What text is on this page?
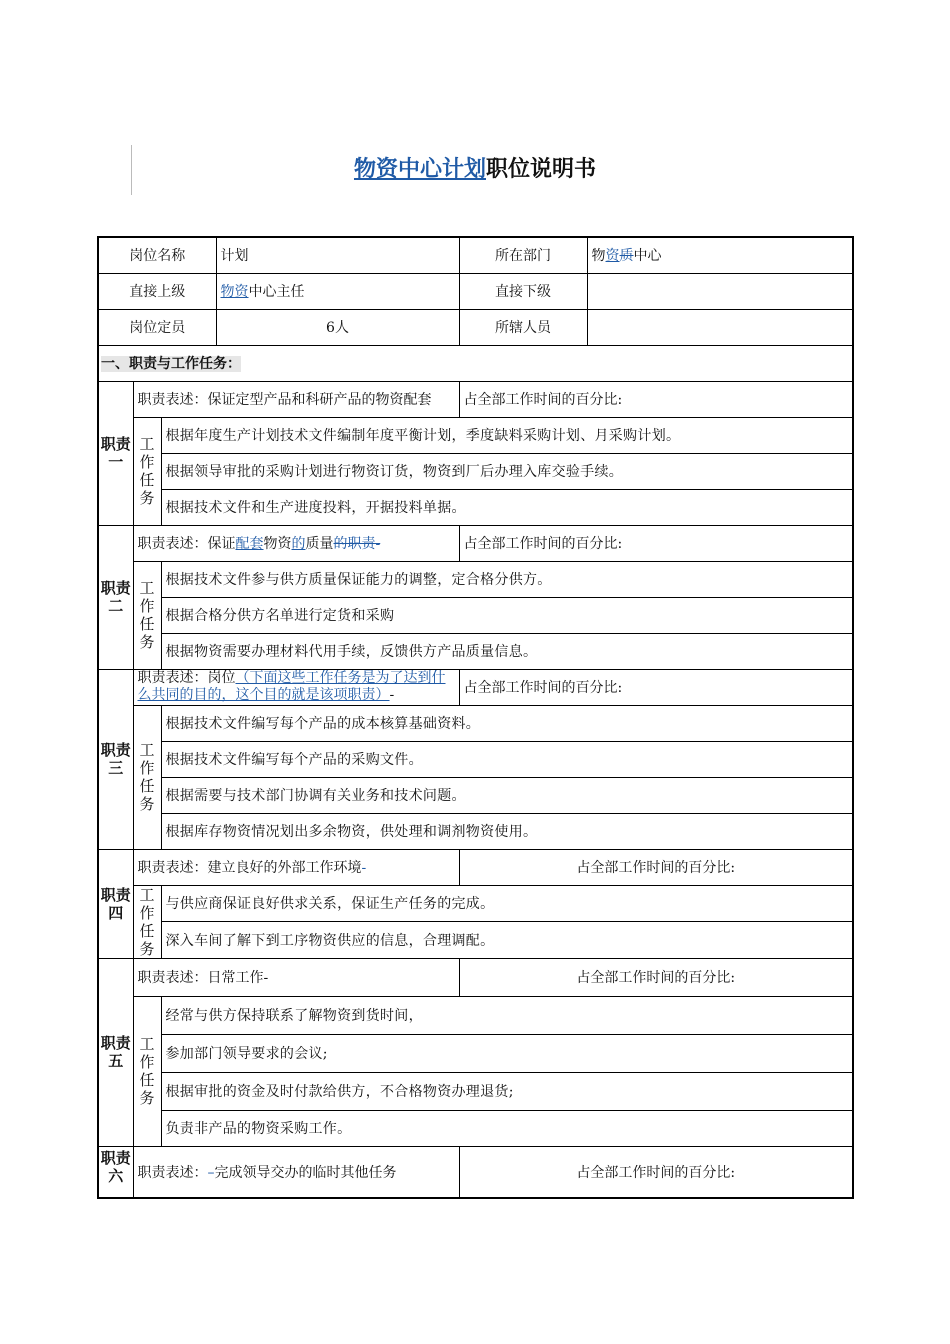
物资中心计划职位说明书
岗位名称			计划	所在部门	物资质中心
直接上级			物资中心主任	直接下级	
岗位定员			6人	所辖人员	
一、职责与工作任务：					
职责一	职责表述：保证定型产品和科研产品的物资配套			占全部工作时间的百分比:	
	工作任务	根据年度生产计划技术文件编制年度平衡计划，季度缺料采购计划、月采购计划。			
		根据领导审批的采购计划进行物资订货，物资到厂后办理入库交验手续。			
		根据技术文件和生产进度投料，开据投料单据。			
职责二	职责表述：保证配套物资的质量的职责-			占全部工作时间的百分比:	
	工作任务	根据技术文件参与供方质量保证能力的调整，定合格分供方。			
		根据合格分供方名单进行定货和采购			
		根据物资需要办理材料代用手续，反馈供方产品质量信息。			
职责三	职责表述：岗位（下面这些工作任务是为了达到什么共同的目的，这个目的就是该项职责）-			占全部工作时间的百分比:	
	工作任务	根据技术文件编写每个产品的成本核算基础资料。			
		根据技术文件编写每个产品的采购文件。			
		根据需要与技术部门协调有关业务和技术问题。			
		根据库存物资情况划出多余物资，供处理和调剂物资使用。			
职责四	职责表述：建立良好的外部工作环境-			占全部工作时间的百分比:	
	工作任务	与供应商保证良好供求关系，保证生产任务的完成。			
		深入车间了解下到工序物资供应的信息，合理调配。			
职责五	职责表述：日常工作-			占全部工作时间的百分比:	
	工作任务	经常与供方保持联系了解物资到货时间，			
		参加部门领导要求的会议;			
		根据审批的资金及时付款给供方，不合格物资办理退货;			
		负责非产品的物资采购工作。			
职责六	职责表述：–完成领导交办的临时其他任务			占全部工作时间的百分比:	
